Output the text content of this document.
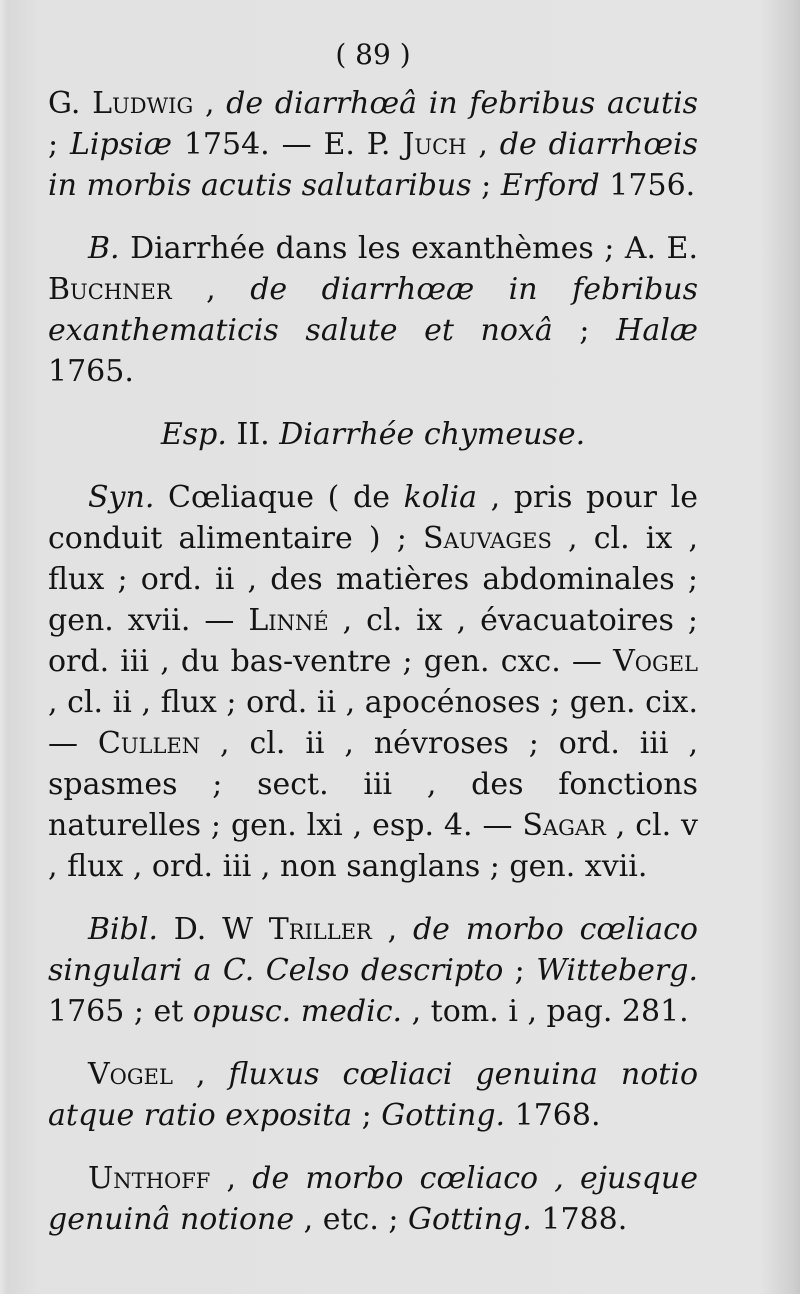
( 89 )

G. Ludwig , de diarrhœâ in febribus acutis ; Lipsiæ 1754. — E. P. Juch , de diarrhœis in morbis acutis salutaribus ; Erford 1756.

B. Diarrhée dans les exanthèmes ; A. E. Buchner , de diarrhœæ in febribus exanthematicis salute et noxâ ; Halæ 1765.

Esp. II. Diarrhée chymeuse.

Syn. Cœliaque ( de kolia , pris pour le conduit alimentaire ) ; Sauvages , cl. ix , flux ; ord. ii , des matières abdominales ; gen. xvii. — Linné , cl. ix , évacuatoires ; ord. iii , du bas-ventre ; gen. cxc. — Vogel , cl. ii , flux ; ord. ii , apocénoses ; gen. cix. — Cullen , cl. ii , névroses ; ord. iii , spasmes ; sect. iii , des fonctions naturelles ; gen. lxi , esp. 4. — Sagar , cl. v , flux , ord. iii , non sanglans ; gen. xvii.

Bibl. D. W Triller , de morbo cœliaco singulari a C. Celso descripto ; Witteberg. 1765 ; et opusc. medic. , tom. i , pag. 281.

Vogel , fluxus cœliaci genuina notio atque ratio exposita ; Gotting. 1768.

Unthoff , de morbo cœliaco , ejusque genuinâ notione , etc. ; Gotting. 1788.
